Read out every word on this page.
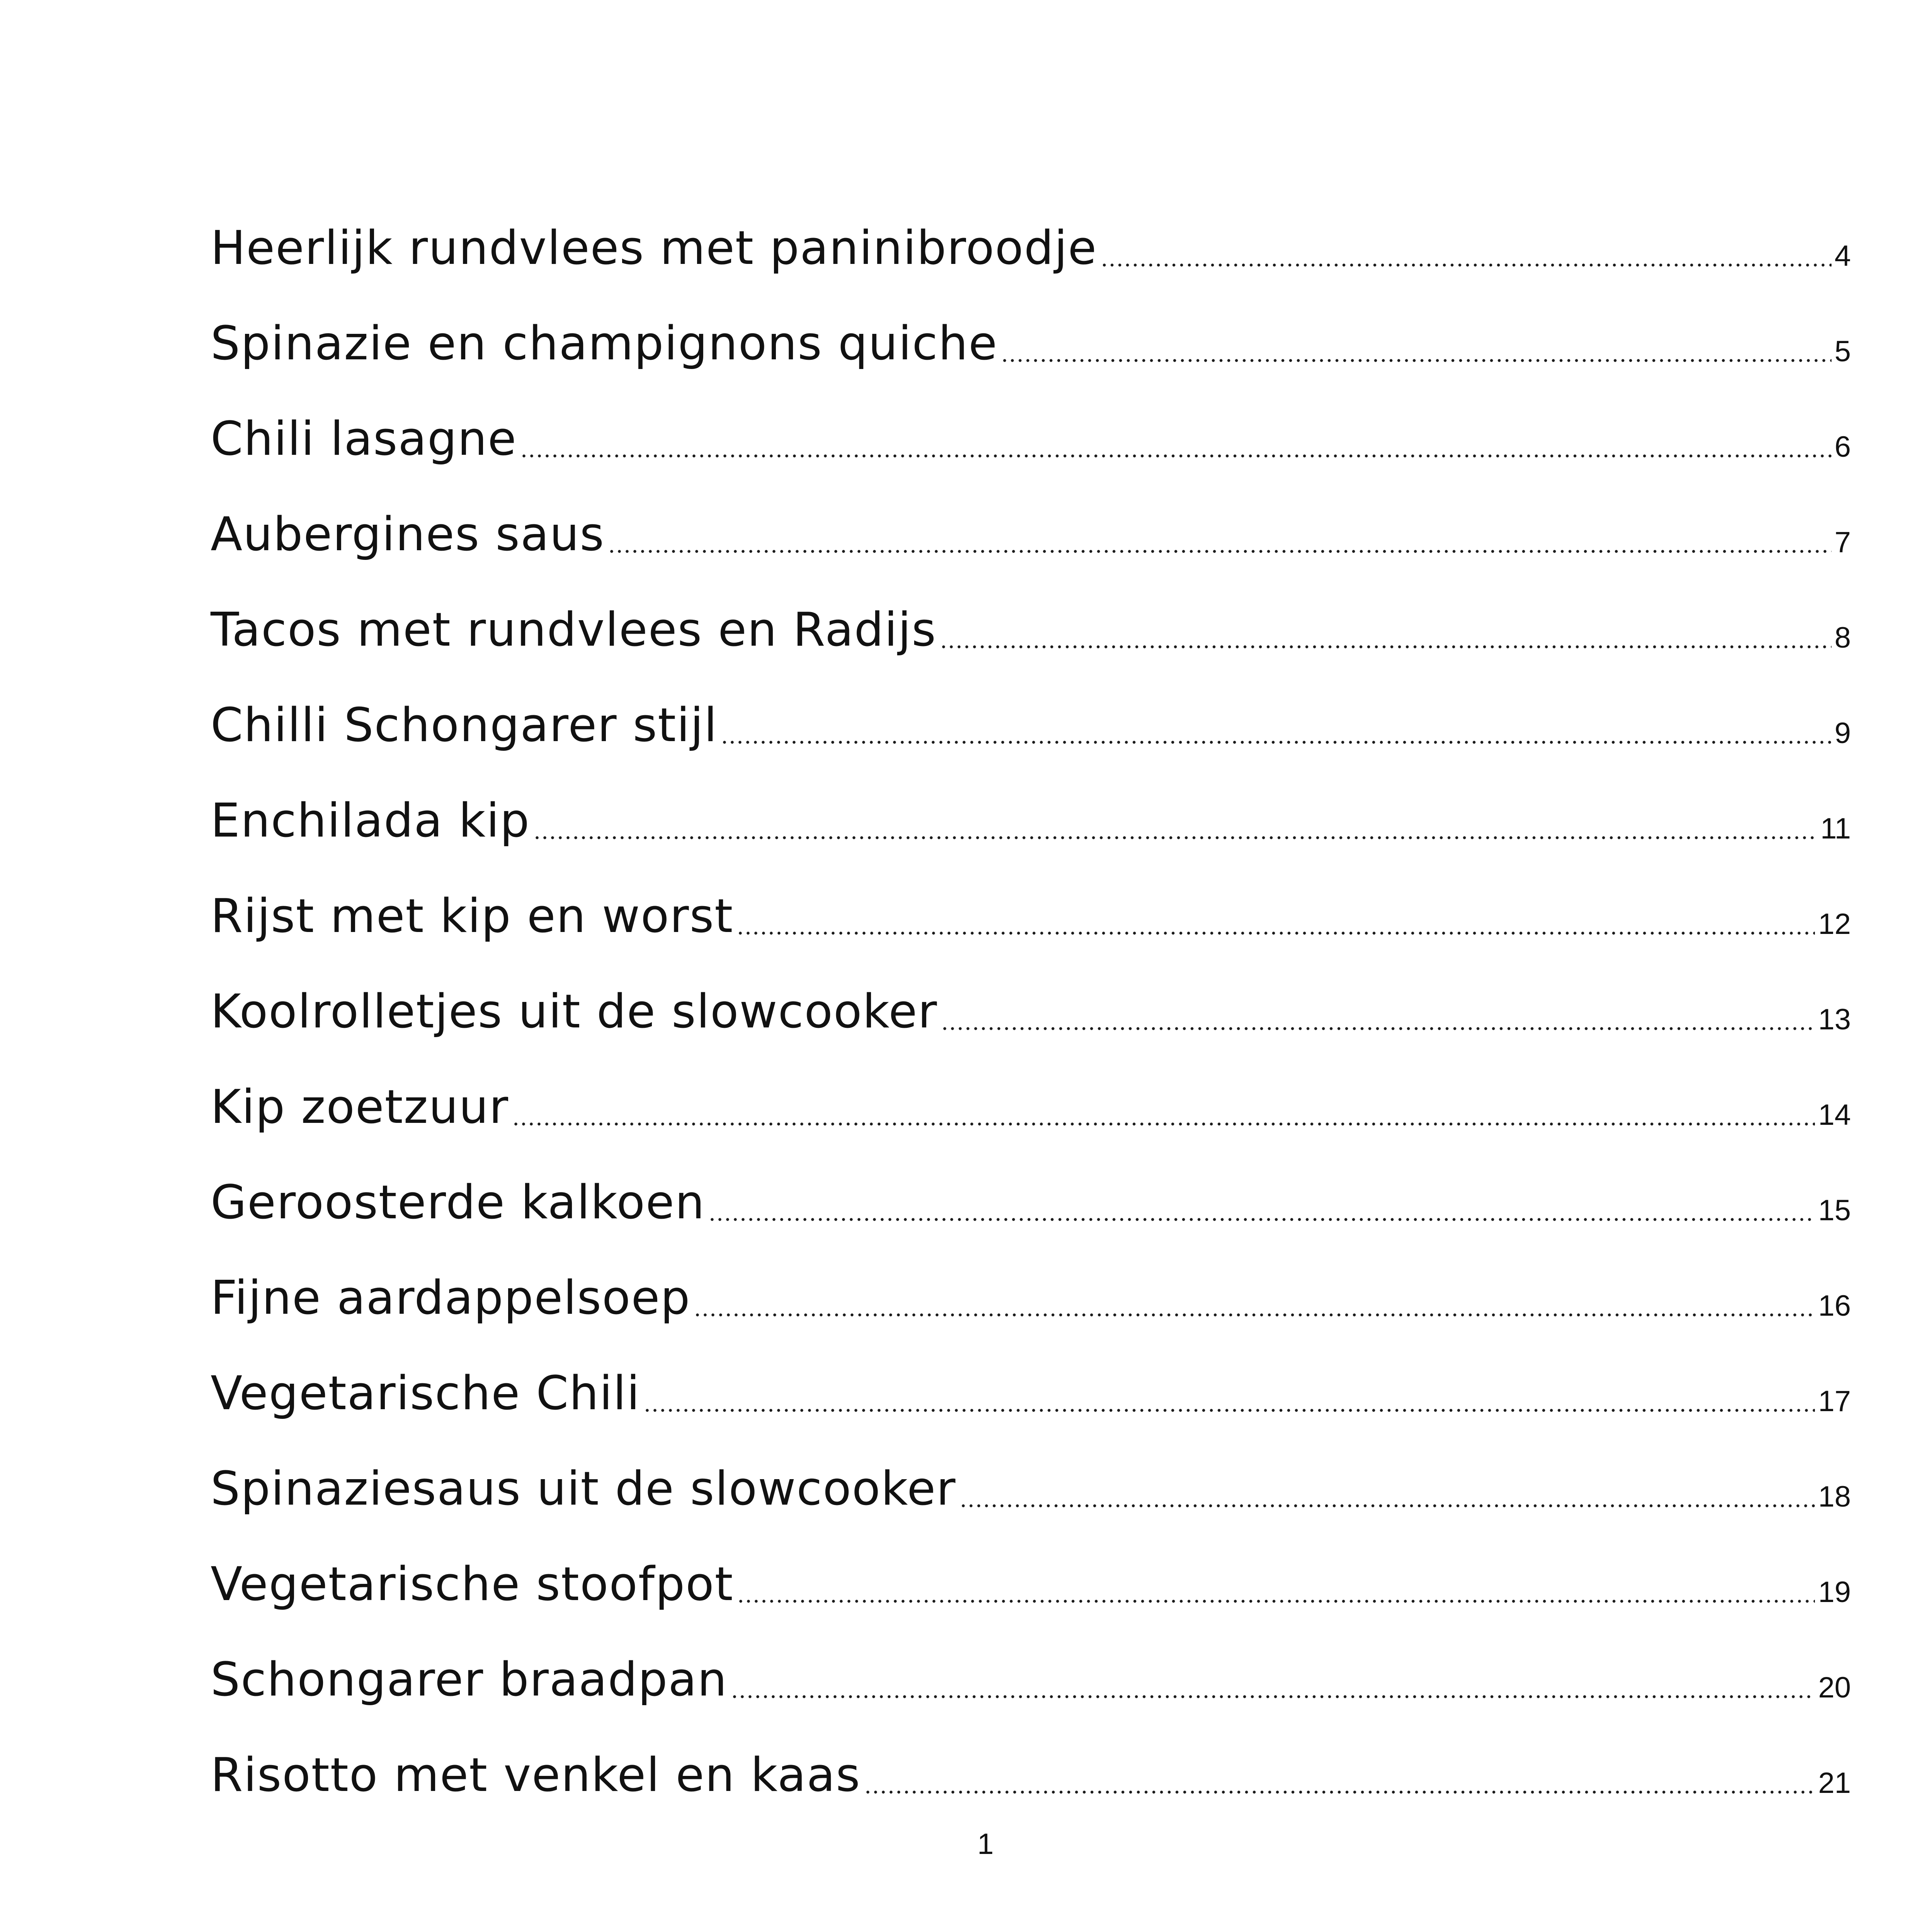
Heerlijk rundvlees met paninibroodje	4
Spinazie en champignons quiche	5
Chili lasagne	6
Aubergines saus	7
Tacos met rundvlees en Radijs	8
Chilli Schongarer stijl	9
Enchilada kip	11
Rijst met kip en worst	12
Koolrolletjes uit de slowcooker	13
Kip zoetzuur	14
Geroosterde kalkoen	15
Fijne aardappelsoep	16
Vegetarische Chili	17
Spinaziesaus uit de slowcooker	18
Vegetarische stoofpot	19
Schongarer braadpan	20
Risotto met venkel en kaas	21
1
